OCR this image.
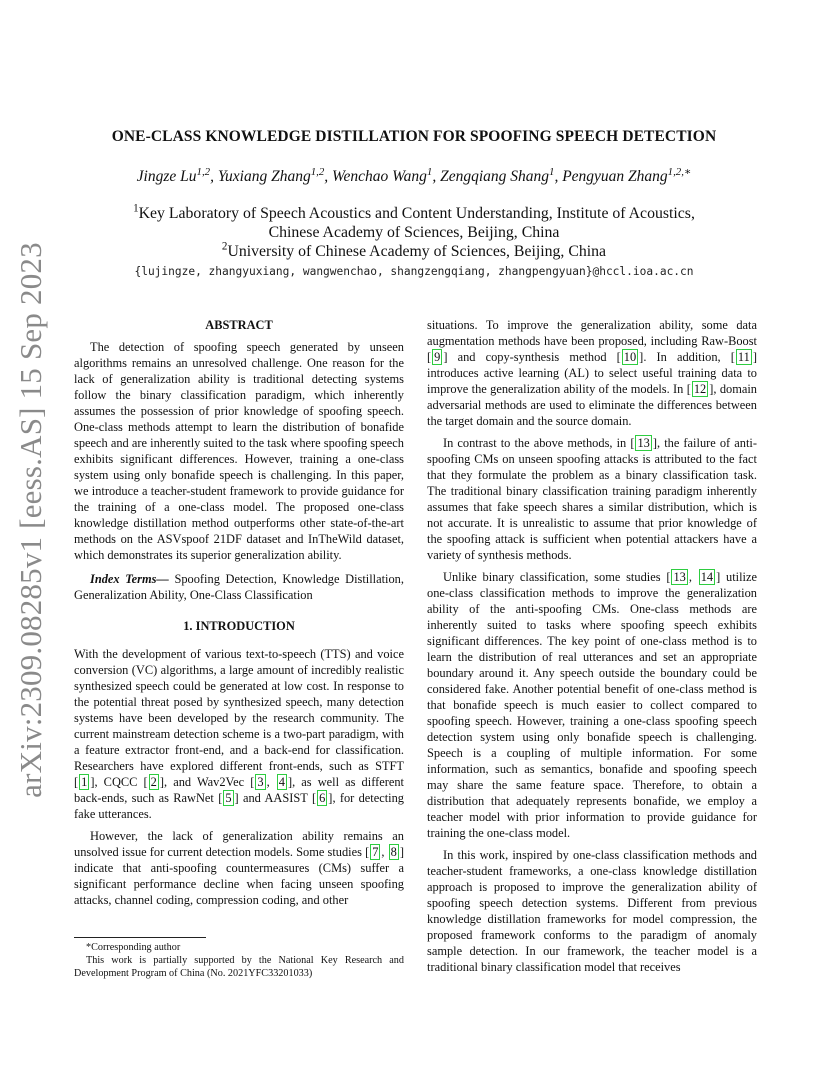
arXiv:2309.08285v1 [eess.AS] 15 Sep 2023
ONE-CLASS KNOWLEDGE DISTILLATION FOR SPOOFING SPEECH DETECTION
Jingze Lu$^{1,2}$, Yuxiang Zhang$^{1,2}$, Wenchao Wang$^1$, Zengqiang Shang$^1$, Pengyuan Zhang$^{1,2,∗}$
$^1$Key Laboratory of Speech Acoustics and Content Understanding, Institute of Acoustics,
Chinese Academy of Sciences, Beijing, China
$^2$University of Chinese Academy of Sciences, Beijing, China
{lujingze, zhangyuxiang, wangwenchao, shangzengqiang, zhangpengyuan}@hccl.ioa.ac.cn

ABSTRACT

The detection of spoofing speech generated by unseen algorithms remains an unresolved challenge. One reason for the lack of generalization ability is traditional detecting systems follow the binary classification paradigm, which inherently assumes the possession of prior knowledge of spoofing speech. One-class methods attempt to learn the distribution of bonafide speech and are inherently suited to the task where spoofing speech exhibits significant differences. However, training a one-class system using only bonafide speech is challenging. In this paper, we introduce a teacher-student framework to provide guidance for the training of a one-class model. The proposed one-class knowledge distillation method outperforms other state-of-the-art methods on the ASVspoof 21DF dataset and InTheWild dataset, which demonstrates its superior generalization ability.

Index Terms— Spoofing Detection, Knowledge Distillation, Generalization Ability, One-Class Classification

1. INTRODUCTION

With the development of various text-to-speech (TTS) and voice conversion (VC) algorithms, a large amount of incredibly realistic synthesized speech could be generated at low cost. In response to the potential threat posed by synthesized speech, many detection systems have been developed by the research community. The current mainstream detection scheme is a two-part paradigm, with a feature extractor front-end, and a back-end for classification. Researchers have explored different front-ends, such as STFT [ 1 ], CQCC [ 2 ], and Wav2Vec [ 3 , 4 ], as well as different back-ends, such as RawNet [ 5 ] and AASIST [ 6 ], for detecting fake utterances.

However, the lack of generalization ability remains an unsolved issue for current detection models. Some studies [ 7 , 8 ] indicate that anti-spoofing countermeasures (CMs) suffer a significant performance decline when facing unseen spoofing attacks, channel coding, compression coding, and other

situations. To improve the generalization ability, some data augmentation methods have been proposed, including Raw-Boost [ 9 ] and copy-synthesis method [ 10 ]. In addition, [ 11 ] introduces active learning (AL) to select useful training data to improve the generalization ability of the models. In [ 12 ], domain adversarial methods are used to eliminate the differences between the target domain and the source domain.

In contrast to the above methods, in [ 13 ], the failure of anti-spoofing CMs on unseen spoofing attacks is attributed to the fact that they formulate the problem as a binary classification task. The traditional binary classification training paradigm inherently assumes that fake speech shares a similar distribution, which is not accurate. It is unrealistic to assume that prior knowledge of the spoofing attack is sufficient when potential attackers have a variety of synthesis methods.

Unlike binary classification, some studies [ 13 , 14 ] utilize one-class classification methods to improve the generalization ability of the anti-spoofing CMs. One-class methods are inherently suited to tasks where spoofing speech exhibits significant differences. The key point of one-class method is to learn the distribution of real utterances and set an appropriate boundary around it. Any speech outside the boundary could be considered fake. Another potential benefit of one-class method is that bonafide speech is much easier to collect compared to spoofing speech. However, training a one-class spoofing speech detection system using only bonafide speech is challenging. Speech is a coupling of multiple information. For some information, such as semantics, bonafide and spoofing speech may share the same feature space. Therefore, to obtain a distribution that adequately represents bonafide, we employ a teacher model with prior information to provide guidance for training the one-class model.

In this work, inspired by one-class classification methods and teacher-student frameworks, a one-class knowledge distillation approach is proposed to improve the generalization ability of spoofing speech detection systems. Different from previous knowledge distillation frameworks for model compression, the proposed framework conforms to the paradigm of anomaly sample detection. In our framework, the teacher model is a traditional binary classification model that receives

*Corresponding author

This work is partially supported by the National Key Research and Development Program of China (No. 2021YFC33201033)
